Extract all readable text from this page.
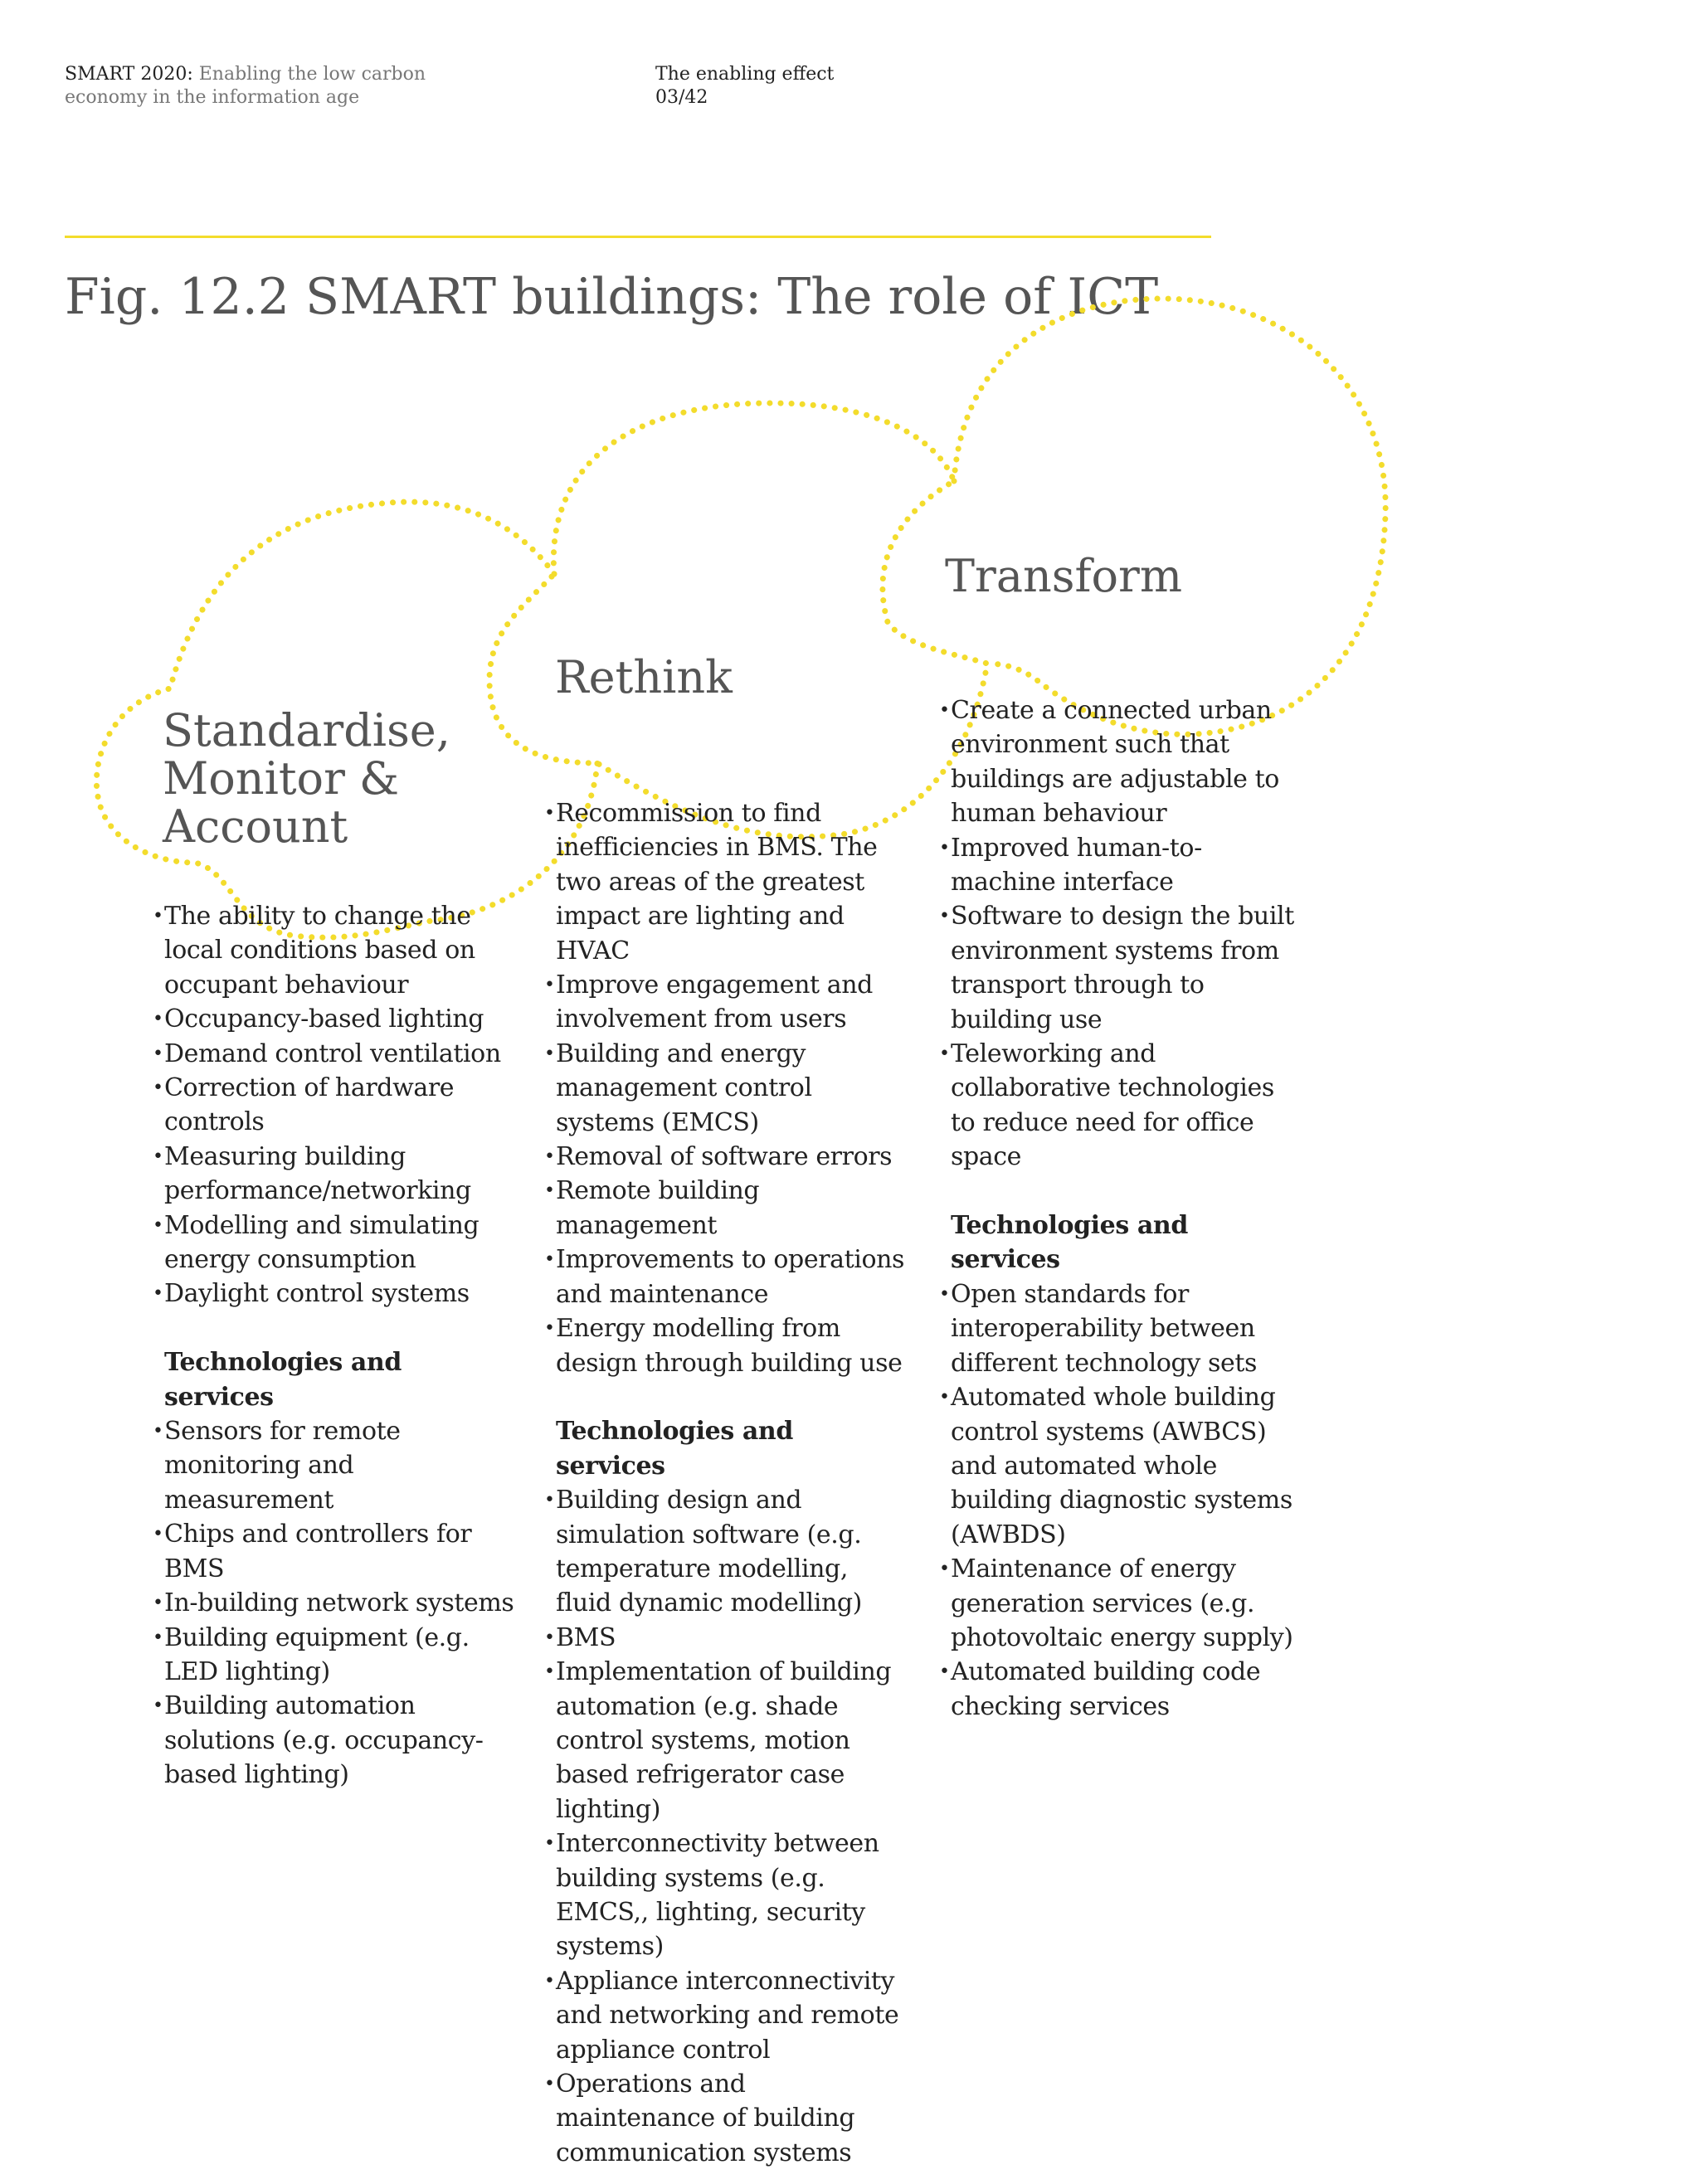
SMART 2020: Enabling the low carbon
economy in the information age
The enabling effect
03/42
Fig. 12.2 SMART buildings: The role of ICT
Standardise, Monitor & Account
Rethink
Transform
• The ability to change the local conditions based on occupant behaviour
• Occupancy-based lighting
• Demand control ventilation
• Correction of hardware controls
• Measuring building performance/networking
• Modelling and simulating energy consumption
• Daylight control systems
Technologies and services
• Sensors for remote monitoring and measurement
• Chips and controllers for BMS
• In-building network systems
• Building equipment (e.g. LED lighting)
• Building automation solutions (e.g. occupancy-based lighting)
• Recommission to find inefficiencies in BMS. The two areas of the greatest impact are lighting and HVAC
• Improve engagement and involvement from users
• Building and energy management control systems (EMCS)
• Removal of software errors
• Remote building management
• Improvements to operations and maintenance
• Energy modelling from design through building use
Technologies and services
• Building design and simulation software (e.g. temperature modelling, fluid dynamic modelling)
• BMS
• Implementation of building automation (e.g. shade control systems, motion based refrigerator case lighting)
• Interconnectivity between building systems (e.g. EMCS,, lighting, security systems)
• Appliance interconnectivity and networking and remote appliance control
• Operations and maintenance of building communication systems
• Create a connected urban environment such that buildings are adjustable to human behaviour
• Improved human-to-machine interface
• Software to design the built environment systems from transport through to building use
• Teleworking and collaborative technologies to reduce need for office space
Technologies and services
• Open standards for interoperability between different technology sets
• Automated whole building control systems (AWBCS) and automated whole building diagnostic systems (AWBDS)
• Maintenance of energy generation services (e.g. photovoltaic energy supply)
• Automated building code checking services
